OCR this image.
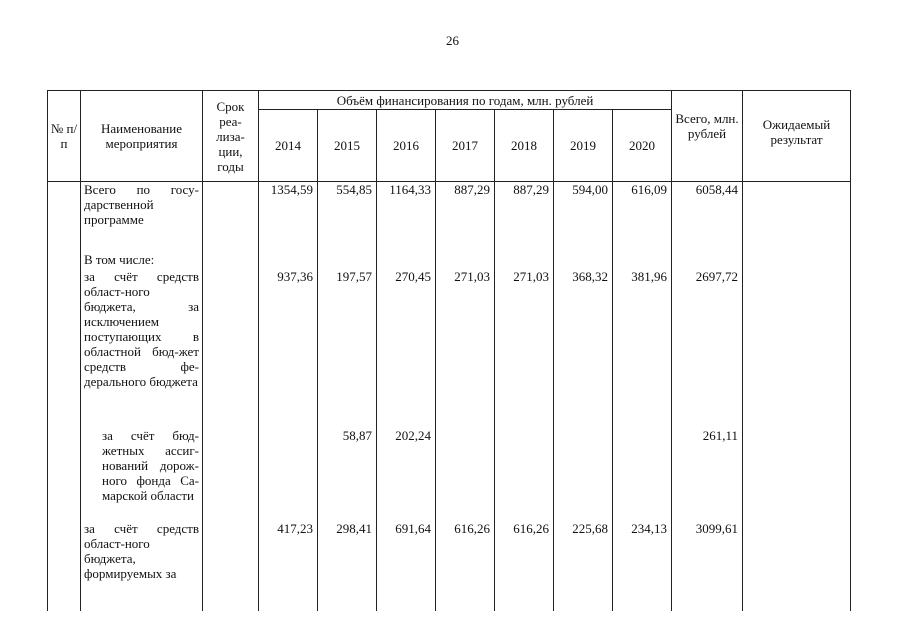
26
№ п/п	Наименование мероприятия	Срок реа-лиза-ции, годы	Объём финансирования по годам, млн. рублей							Всего, млн. рублей	Ожидаемый результат
			2014	2015	2016	2017	2018	2019	2020		

	Всего по госу-дарственной программе		1354,59	554,85	1164,33	887,29	887,29	594,00	616,09	6058,44	
	В том числе:										

	за счёт средств област-ного бюджета, за исключением поступающих в областной бюд-жет средств фе-дерального бюджета		937,36	197,57	270,45	271,03	271,03	368,32	381,96	2697,72	

	за счёт бюд-жетных ассиг-нований дорож-ного фонда Са-марской области			58,87	202,24					261,11	

	за счёт средств област-ного бюджета, формируемых за		417,23	298,41	691,64	616,26	616,26	225,68	234,13	3099,61	
